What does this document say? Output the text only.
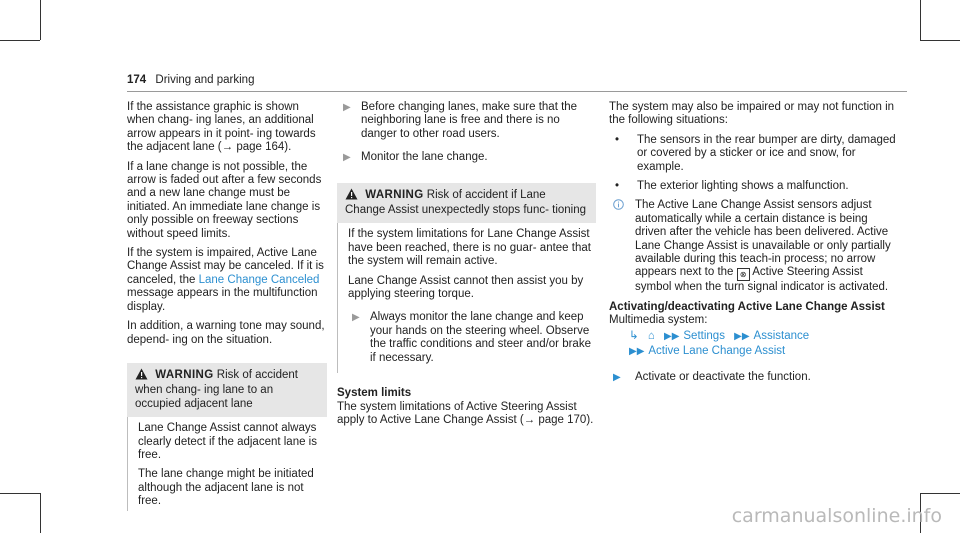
174 Driving and parking

If the assistance graphic is shown when chang- ing lanes, an additional arrow appears in it point- ing towards the adjacent lane (→ page 164).

If a lane change is not possible, the arrow is faded out after a few seconds and a new lane change must be initiated. An immediate lane change is only possible on freeway sections without speed limits.

If the system is impaired, Active Lane Change Assist may be canceled. If it is canceled, the Lane Change Canceled message appears in the multifunction display.

In addition, a warning tone may sound, depend- ing on the situation.

WARNING Risk of accident when chang- ing lane to an occupied adjacent lane

Lane Change Assist cannot always clearly detect if the adjacent lane is free.

The lane change might be initiated although the adjacent lane is not free.

▶ Before changing lanes, make sure that the neighboring lane is free and there is no danger to other road users.
▶ Monitor the lane change.
WARNING Risk of accident if Lane Change Assist unexpectedly stops func- tioning

If the system limitations for Lane Change Assist have been reached, there is no guar- antee that the system will remain active.

Lane Change Assist cannot then assist you by applying steering torque.

▶ Always monitor the lane change and keep your hands on the steering wheel. Observe the traffic conditions and steer and/or brake if necessary.
System limits

The system limitations of Active Steering Assist apply to Active Lane Change Assist (→ page 170).

The system may also be impaired or may not function in the following situations:

•	The sensors in the rear bumper are dirty, damaged or covered by a sticker or ice and snow, for example.
•	The exterior lighting shows a malfunction.
The Active Lane Change Assist sensors adjust automatically while a certain distance is being driven after the vehicle has been delivered. Active Lane Change Assist is unavailable or only partially available during this teach-in process; no arrow appears next to the ⊗ Active Steering Assist symbol when the turn signal indicator is activated.
Activating/deactivating Active Lane Change Assist

Multimedia system:

↳ ⌂ ▶▶ Settings ▶▶ Assistance
▶▶ Active Lane Change Assist
▶	Activate or deactivate the function.
carmanualsonline.info
